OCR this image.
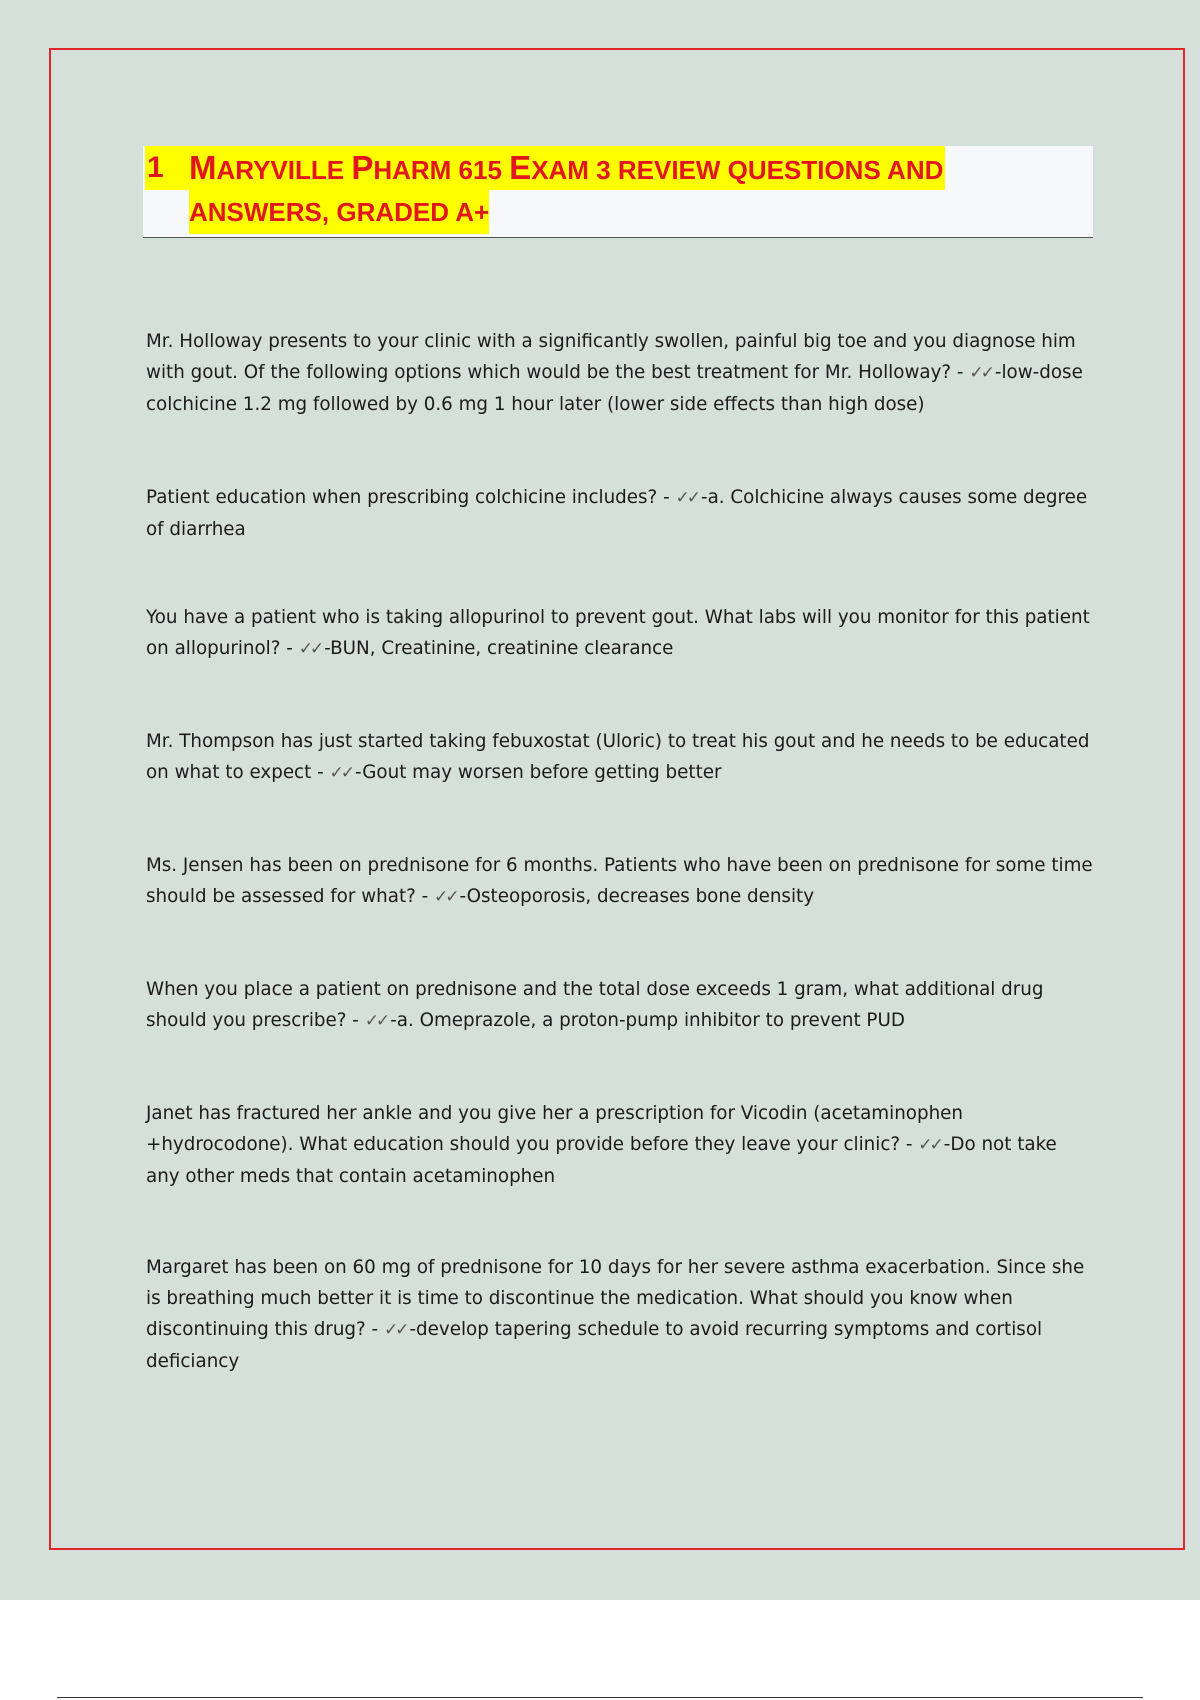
1 MARYVILLE PHARM 615 EXAM 3 REVIEW QUESTIONS AND
ANSWERS, GRADED A+

Mr. Holloway presents to your clinic with a significantly swollen, painful big toe and you diagnose him with gout. Of the following options which would be the best treatment for Mr. Holloway? - ✓✓ -low-dose colchicine 1.2 mg followed by 0.6 mg 1 hour later (lower side effects than high dose)

Patient education when prescribing colchicine includes? - ✓✓ -a. Colchicine always causes some degree of diarrhea

You have a patient who is taking allopurinol to prevent gout. What labs will you monitor for this patient on allopurinol? - ✓✓ -BUN, Creatinine, creatinine clearance

Mr. Thompson has just started taking febuxostat (Uloric) to treat his gout and he needs to be educated on what to expect - ✓✓ -Gout may worsen before getting better

Ms. Jensen has been on prednisone for 6 months. Patients who have been on prednisone for some time should be assessed for what? - ✓✓ -Osteoporosis, decreases bone density

When you place a patient on prednisone and the total dose exceeds 1 gram, what additional drug should you prescribe? - ✓✓ -a. Omeprazole, a proton-pump inhibitor to prevent PUD

Janet has fractured her ankle and you give her a prescription for Vicodin (acetaminophen +hydrocodone). What education should you provide before they leave your clinic? - ✓✓ -Do not take any other meds that contain acetaminophen

Margaret has been on 60 mg of prednisone for 10 days for her severe asthma exacerbation. Since she is breathing much better it is time to discontinue the medication. What should you know when discontinuing this drug? - ✓✓ -develop tapering schedule to avoid recurring symptoms and cortisol deficiancy
